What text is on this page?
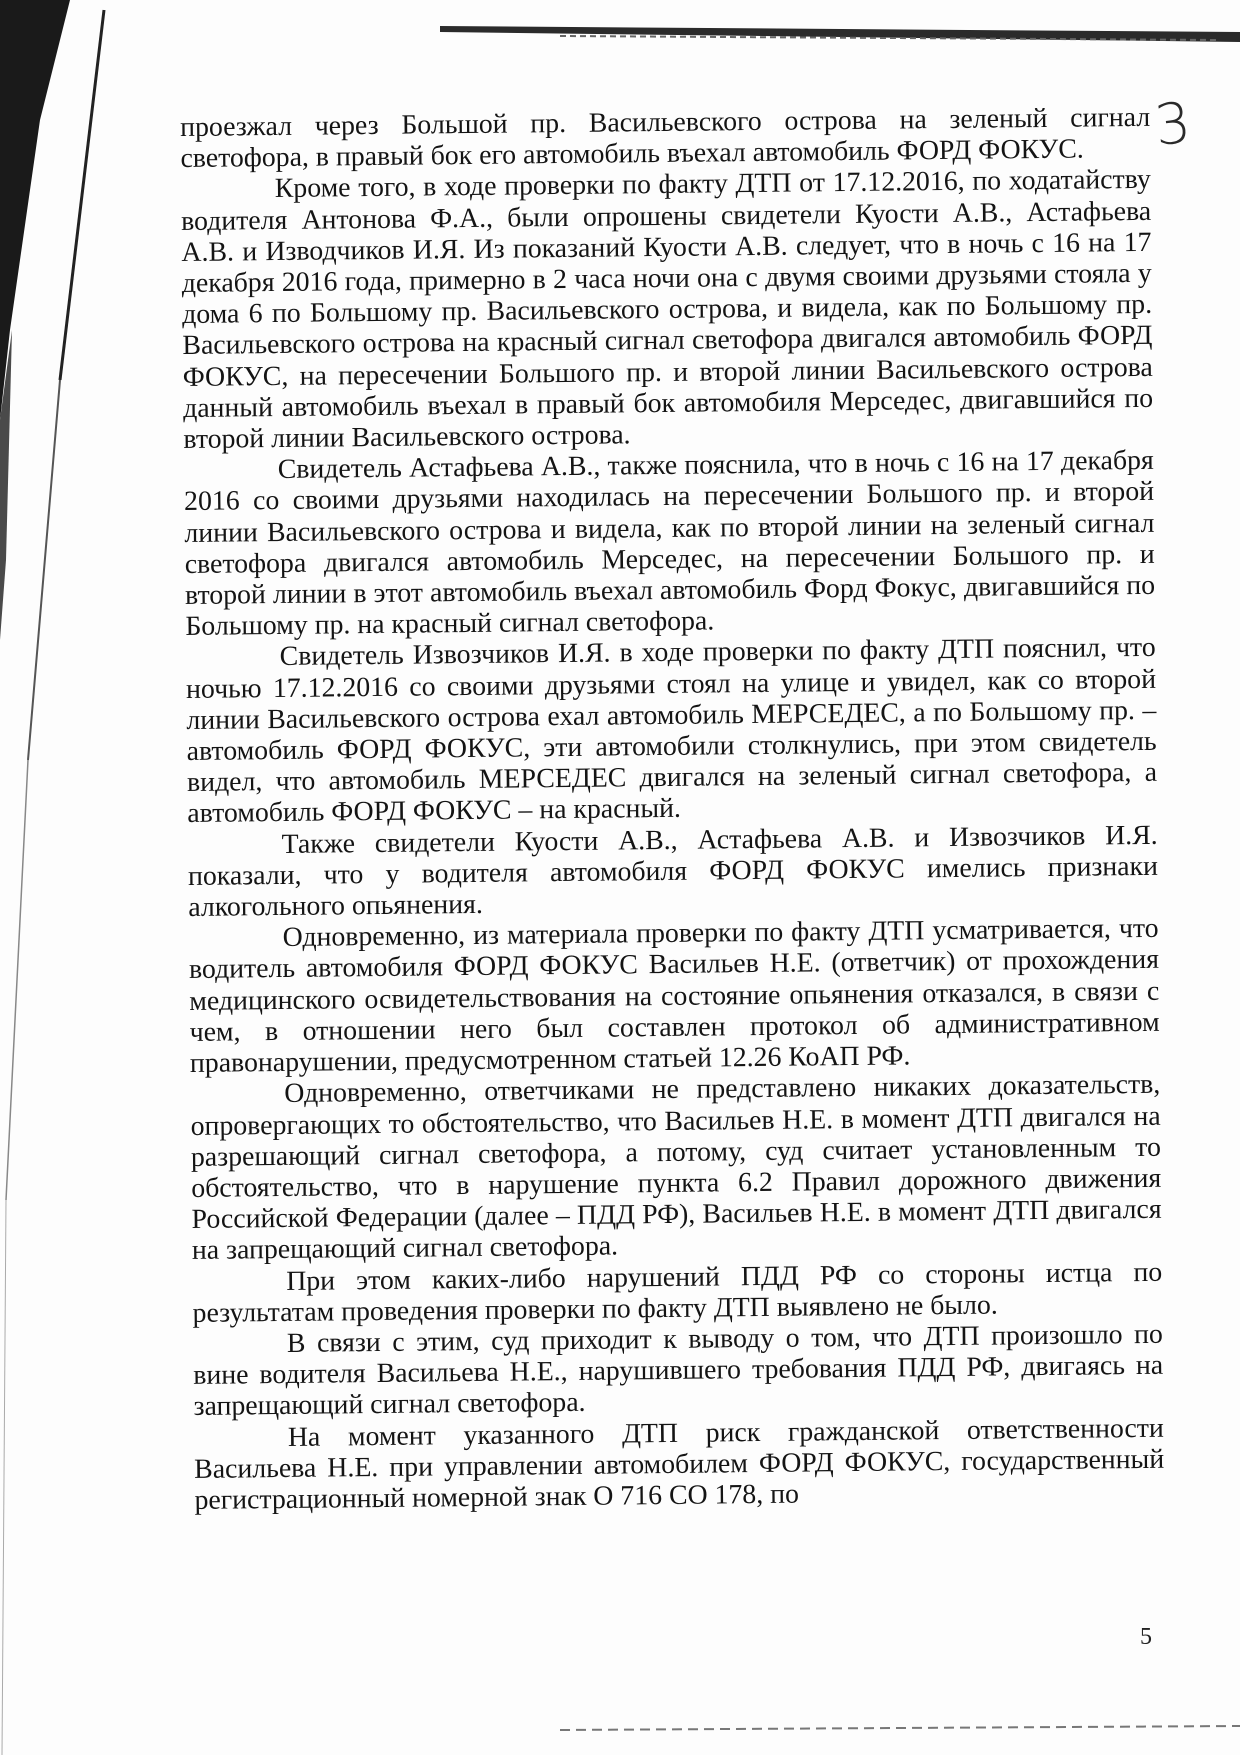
3

проезжал через Большой пр. Васильевского острова на зеленый сигнал светофора, в правый бок его автомобиль въехал автомобиль ФОРД ФОКУС.

Кроме того, в ходе проверки по факту ДТП от 17.12.2016, по ходатайству водителя Антонова Ф.А., были опрошены свидетели Куости А.В., Астафьева А.В. и Изводчиков И.Я. Из показаний Куости А.В. следует, что в ночь с 16 на 17 декабря 2016 года, примерно в 2 часа ночи она с двумя своими друзьями стояла у дома 6 по Большому пр. Васильевского острова, и видела, как по Большому пр. Васильевского острова на красный сигнал светофора двигался автомобиль ФОРД ФОКУС, на пересечении Большого пр. и второй линии Васильевского острова данный автомобиль въехал в правый бок автомобиля Мерседес, двигавшийся по второй линии Васильевского острова.

Свидетель Астафьева А.В., также пояснила, что в ночь с 16 на 17 декабря 2016 со своими друзьями находилась на пересечении Большого пр. и второй линии Васильевского острова и видела, как по второй линии на зеленый сигнал светофора двигался автомобиль Мерседес, на пересечении Большого пр. и второй линии в этот автомобиль въехал автомобиль Форд Фокус, двигавшийся по Большому пр. на красный сигнал светофора.

Свидетель Извозчиков И.Я. в ходе проверки по факту ДТП пояснил, что ночью 17.12.2016 со своими друзьями стоял на улице и увидел, как со второй линии Васильевского острова ехал автомобиль МЕРСЕДЕС, а по Большому пр. – автомобиль ФОРД ФОКУС, эти автомобили столкнулись, при этом свидетель видел, что автомобиль МЕРСЕДЕС двигался на зеленый сигнал светофора, а автомобиль ФОРД ФОКУС – на красный.

Также свидетели Куости А.В., Астафьева А.В. и Извозчиков И.Я. показали, что у водителя автомобиля ФОРД ФОКУС имелись признаки алкогольного опьянения.

Одновременно, из материала проверки по факту ДТП усматривается, что водитель автомобиля ФОРД ФОКУС Васильев Н.Е. (ответчик) от прохождения медицинского освидетельствования на состояние опьянения отказался, в связи с чем, в отношении него был составлен протокол об административном правонарушении, предусмотренном статьей 12.26 КоАП РФ.

Одновременно, ответчиками не представлено никаких доказательств, опровергающих то обстоятельство, что Васильев Н.Е. в момент ДТП двигался на разрешающий сигнал светофора, а потому, суд считает установленным то обстоятельство, что в нарушение пункта 6.2 Правил дорожного движения Российской Федерации (далее – ПДД РФ), Васильев Н.Е. в момент ДТП двигался на запрещающий сигнал светофора.

При этом каких-либо нарушений ПДД РФ со стороны истца по результатам проведения проверки по факту ДТП выявлено не было.

В связи с этим, суд приходит к выводу о том, что ДТП произошло по вине водителя Васильева Н.Е., нарушившего требования ПДД РФ, двигаясь на запрещающий сигнал светофора.

На момент указанного ДТП риск гражданской ответственности Васильева Н.Е. при управлении автомобилем ФОРД ФОКУС, государственный регистрационный номерной знак О 716 СО 178, по

5
